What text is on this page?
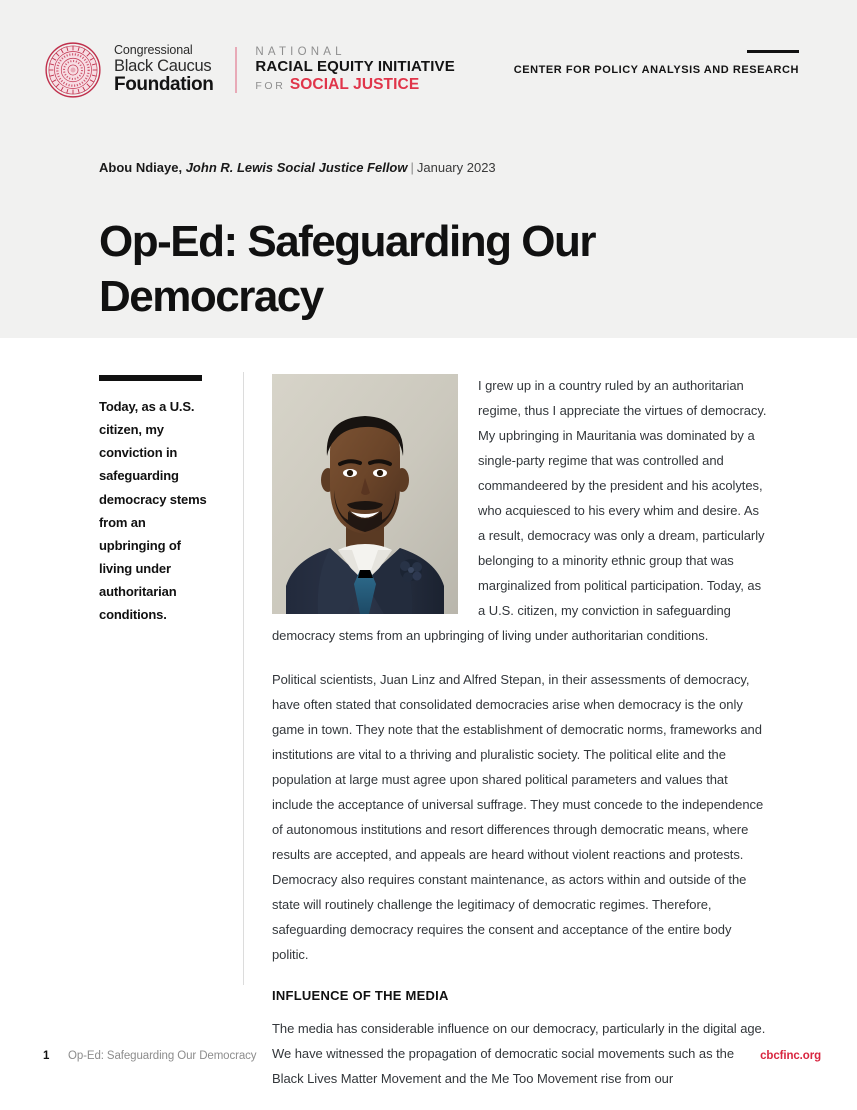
Congressional
Black Caucus
Foundation
NATIONAL
RACIAL EQUITY INITIATIVE
FOR SOCIAL JUSTICE
CENTER FOR POLICY ANALYSIS AND RESEARCH
Abou Ndiaye, John R. Lewis Social Justice Fellow | January 2023
Op-Ed: Safeguarding Our Democracy
Today, as a U.S. citizen, my conviction in safeguarding democracy stems from an upbringing of living under authoritarian conditions.

I grew up in a country ruled by an authoritarian regime, thus I appreciate the virtues of democracy. My upbringing in Mauritania was dominated by a single-party regime that was controlled and commandeered by the president and his acolytes, who acquiesced to his every whim and desire. As a result, democracy was only a dream, particularly belonging to a minority ethnic group that was marginalized from political participation. Today, as a U.S. citizen, my conviction in safeguarding democracy stems from an upbringing of living under authoritarian conditions.

Political scientists, Juan Linz and Alfred Stepan, in their assessments of democracy, have often stated that consolidated democracies arise when democracy is the only game in town. They note that the establishment of democratic norms, frameworks and institutions are vital to a thriving and pluralistic society. The political elite and the population at large must agree upon shared political parameters and values that include the acceptance of universal suffrage. They must concede to the independence of autonomous institutions and resort differences through democratic means, where results are accepted, and appeals are heard without violent reactions and protests. Democracy also requires constant maintenance, as actors within and outside of the state will routinely challenge the legitimacy of democratic regimes. Therefore, safeguarding democracy requires the consent and acceptance of the entire body politic.

INFLUENCE OF THE MEDIA

The media has considerable influence on our democracy, particularly in the digital age. We have witnessed the propagation of democratic social movements such as the Black Lives Matter Movement and the Me Too Movement rise from our

1 Op-Ed: Safeguarding Our Democracy	cbcfinc.org
